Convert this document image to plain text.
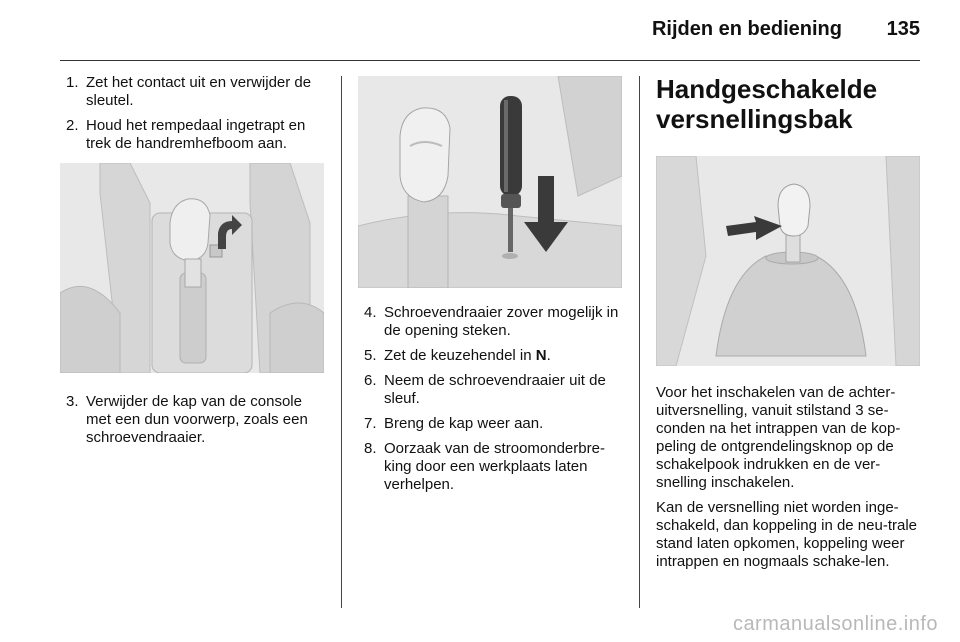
Rijden en bediening 135
1. Zet het contact uit en verwijder de sleutel.
2. Houd het rempedaal ingetrapt en trek de handremhefboom aan.
3. Verwijder de kap van de console met een dun voorwerp, zoals een schroevendraaier.
4. Schroevendraaier zover mogelijk in de opening steken.
5. Zet de keuzehendel in N.
6. Neem de schroevendraaier uit de sleuf.
7. Breng de kap weer aan.
8. Oorzaak van de stroomonderbre-king door een werkplaats laten verhelpen.
Handgeschakelde versnellingsbak

Voor het inschakelen van de achter-uitversnelling, vanuit stilstand 3 se-conden na het intrappen van de kop-peling de ontgrendelingsknop op de schakelpook indrukken en de ver-snelling inschakelen.

Kan de versnelling niet worden inge-schakeld, dan koppeling in de neu-trale stand laten opkomen, koppeling weer intrappen en nogmaals schake-len.

carmanualsonline.info
